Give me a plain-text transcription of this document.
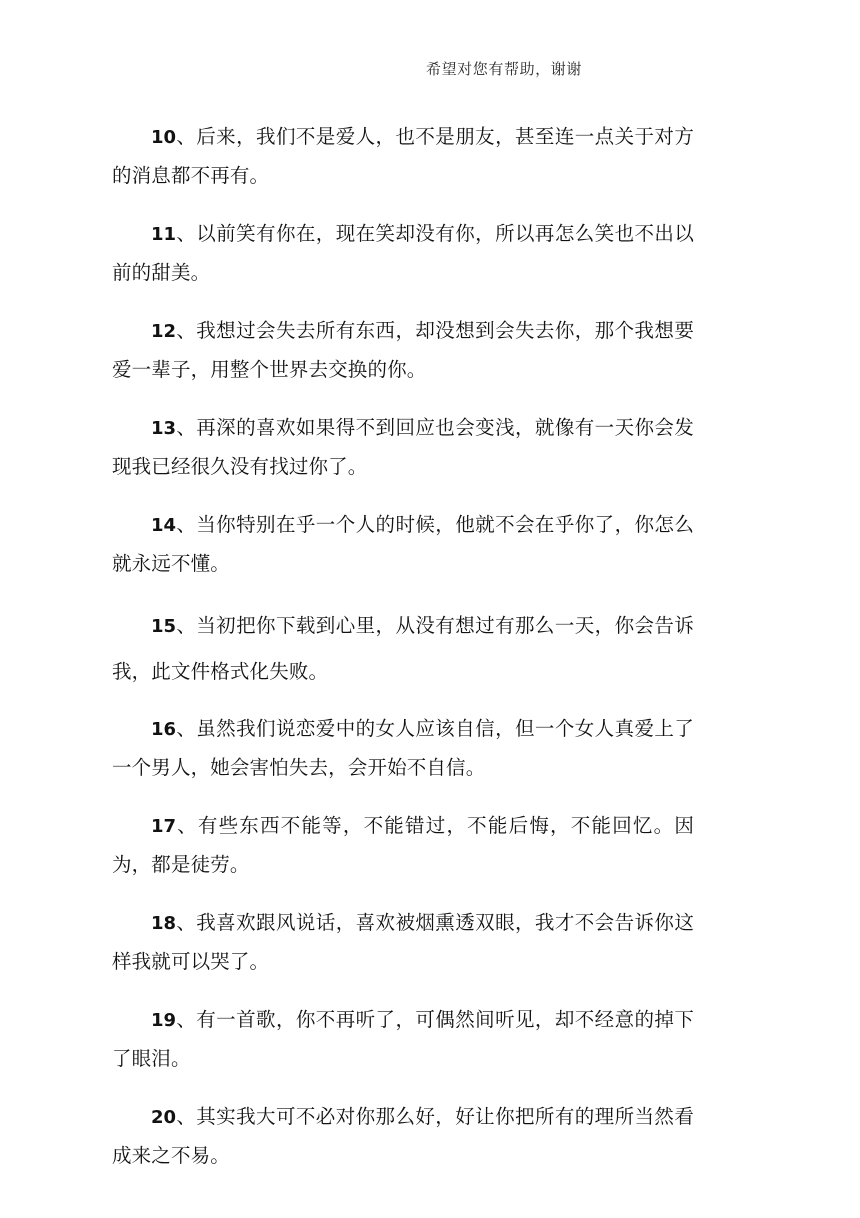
希望对您有帮助，谢谢

10、后来，我们不是爱人，也不是朋友，甚至连一点关于对方的消息都不再有。

11、以前笑有你在，现在笑却没有你，所以再怎么笑也不出以前的甜美。

12、我想过会失去所有东西，却没想到会失去你，那个我想要爱一辈子，用整个世界去交换的你。

13、再深的喜欢如果得不到回应也会变浅，就像有一天你会发现我已经很久没有找过你了。

14、当你特别在乎一个人的时候，他就不会在乎你了，你怎么就永远不懂。

15、当初把你下载到心里，从没有想过有那么一天，你会告诉我，此文件格式化失败。

16、虽然我们说恋爱中的女人应该自信，但一个女人真爱上了一个男人，她会害怕失去，会开始不自信。

17、有些东西不能等，不能错过，不能后悔，不能回忆。因为，都是徒劳。

18、我喜欢跟风说话，喜欢被烟熏透双眼，我才不会告诉你这样我就可以哭了。

19、有一首歌，你不再听了，可偶然间听见，却不经意的掉下了眼泪。

20、其实我大可不必对你那么好，好让你把所有的理所当然看成来之不易。
